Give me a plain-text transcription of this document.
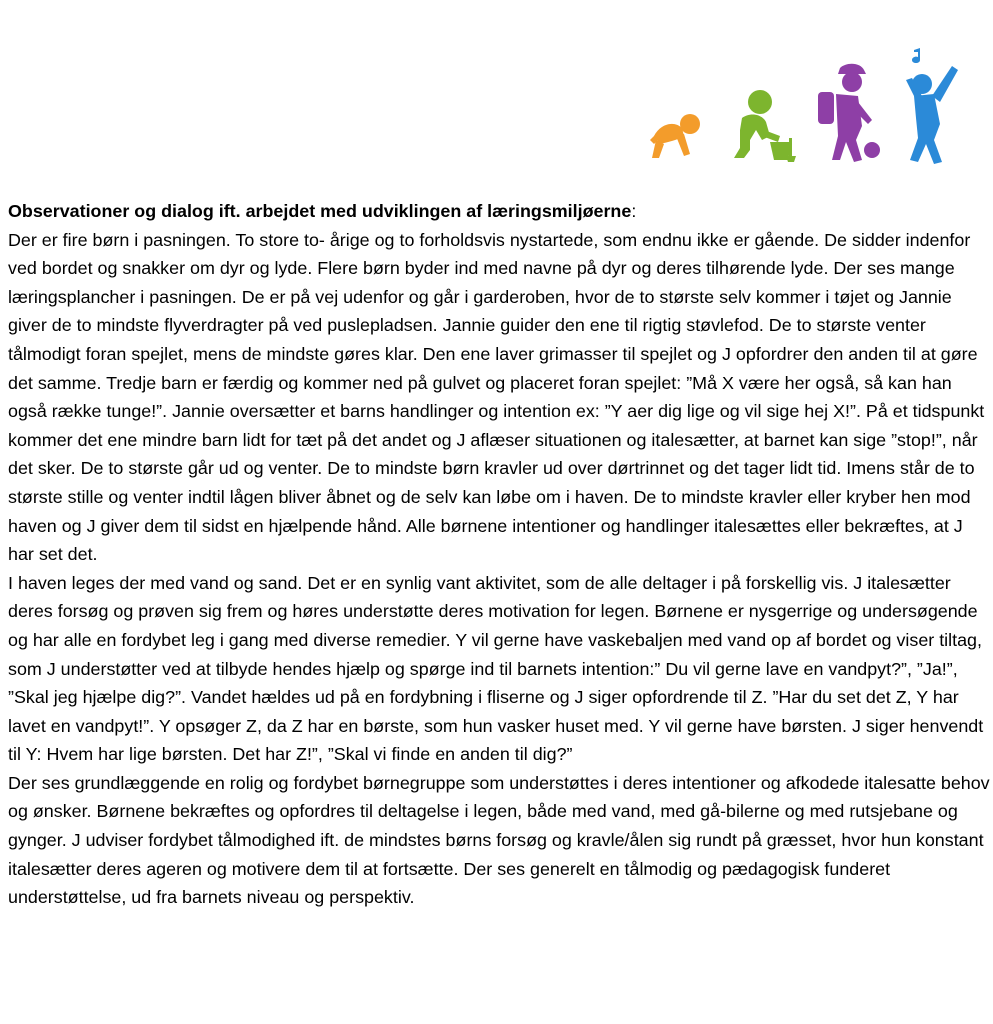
Observationer og dialog ift. arbejdet med udviklingen af læringsmiljøerne:

Der er fire børn i pasningen. To store to- årige og to forholdsvis nystartede, som endnu ikke er gående. De sidder indenfor ved bordet og snakker om dyr og lyde. Flere børn byder ind med navne på dyr og deres tilhørende lyde. Der ses mange læringsplancher i pasningen. De er på vej udenfor og går i garderoben, hvor de to største selv kommer i tøjet og Jannie giver de to mindste flyverdragter på ved puslepladsen. Jannie guider den ene til rigtig støvlefod. De to største venter tålmodigt foran spejlet, mens de mindste gøres klar. Den ene laver grimasser til spejlet og J opfordrer den anden til at gøre det samme. Tredje barn er færdig og kommer ned på gulvet og placeret foran spejlet: ”Må X være her også, så kan han også række tunge!”. Jannie oversætter et barns handlinger og intention ex: ”Y aer dig lige og vil sige hej X!”. På et tidspunkt kommer det ene mindre barn lidt for tæt på det andet og J aflæser situationen og italesætter, at barnet kan sige ”stop!”, når det sker. De to største går ud og venter. De to mindste børn kravler ud over dørtrinnet og det tager lidt tid. Imens står de to største stille og venter indtil lågen bliver åbnet og de selv kan løbe om i haven. De to mindste kravler eller kryber hen mod haven og J giver dem til sidst en hjælpende hånd. Alle børnene intentioner og handlinger italesættes eller bekræftes, at J har set det.

I haven leges der med vand og sand. Det er en synlig vant aktivitet, som de alle deltager i på forskellig vis. J italesætter deres forsøg og prøven sig frem og høres understøtte deres motivation for legen. Børnene er nysgerrige og undersøgende og har alle en fordybet leg i gang med diverse remedier. Y vil gerne have vaskebaljen med vand op af bordet og viser tiltag, som J understøtter ved at tilbyde hendes hjælp og spørge ind til barnets intention:” Du vil gerne lave en vandpyt?”, ”Ja!”, ”Skal jeg hjælpe dig?”. Vandet hældes ud på en fordybning i fliserne og J siger opfordrende til Z. ”Har du set det Z, Y har lavet en vandpyt!”. Y opsøger Z, da Z har en børste, som hun vasker huset med. Y vil gerne have børsten. J siger henvendt til Y: Hvem har lige børsten. Det har Z!”, ”Skal vi finde en anden til dig?”

Der ses grundlæggende en rolig og fordybet børnegruppe som understøttes i deres intentioner og afkodede italesatte behov og ønsker. Børnene bekræftes og opfordres til deltagelse i legen, både med vand, med gå-bilerne og med rutsjebane og gynger. J udviser fordybet tålmodighed ift. de mindstes børns forsøg og kravle/ålen sig rundt på græsset, hvor hun konstant italesætter deres ageren og motivere dem til at fortsætte. Der ses generelt en tålmodig og pædagogisk funderet understøttelse, ud fra barnets niveau og perspektiv.
